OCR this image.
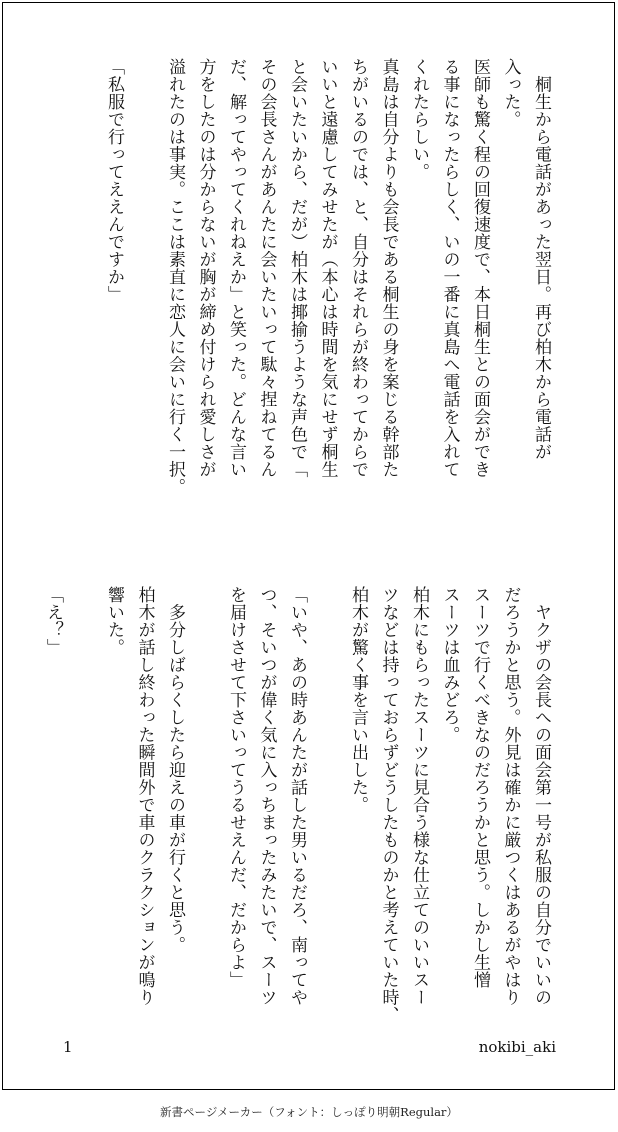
　桐生から電話があった翌日。再び柏木から電話が
入った。
医師も驚く程の回復速度で、本日桐生との面会ができ
る事になったらしく、いの一番に真島へ電話を入れて
くれたらしい。
真島は自分よりも会長である桐生の身を案じる幹部た
ちがいるのでは、と、自分はそれらが終わってからで
いいと遠慮してみせたが（本心は時間を気にせず桐生
と会いたいから、だが）柏木は揶揄うような声色で「
その会長さんがあんたに会いたいって駄々捏ねてるん
だ、解ってやってくれねえか」と笑った。どんな言い
方をしたのは分からないが胸が締め付けられ愛しさが
溢れたのは事実。ここは素直に恋人に会いに行く一択。

「私服で行ってええんですか」
　ヤクザの会長への面会第一号が私服の自分でいいの
だろうかと思う。外見は確かに厳つくはあるがやはり
スーツで行くべきなのだろうかと思う。しかし生憎
スーツは血みどろ。
柏木にもらったスーツに見合う様な仕立てのいいスー
ツなどは持っておらずどうしたものかと考えていた時、
柏木が驚く事を言い出した。

「いや、あの時あんたが話した男いるだろ、南ってや
つ、そいつが偉く気に入っちまったみたいで、スーツ
を届けさせて下さいってうるせえんだ、だからよ」

　多分しばらくしたら迎えの車が行くと思う。
柏木が話し終わった瞬間外で車のクラクションが鳴り
響いた。

「え？」
1	nokibi_aki
新書ページメーカー（フォント：しっぽり明朝Regular）
